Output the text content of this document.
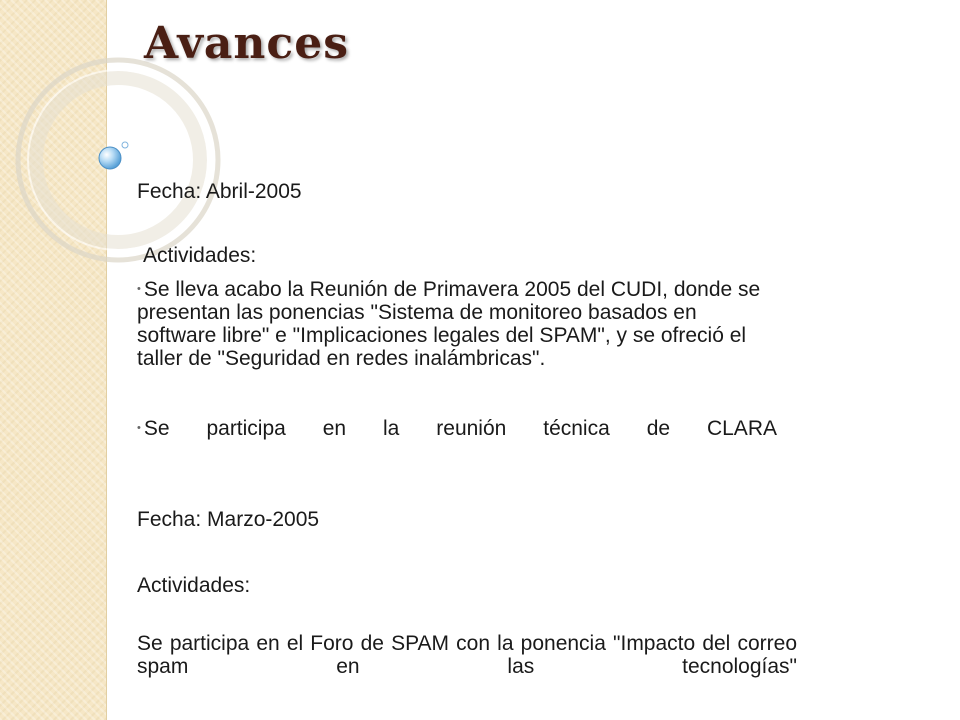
Avances
Fecha: Abril-2005
Actividades:
• Se lleva acabo la Reunión de Primavera 2005 del CUDI, donde se presentan las ponencias "Sistema de monitoreo basados en software libre" e "Implicaciones legales del SPAM", y se ofreció el taller de "Seguridad en redes inalámbricas".
• Se participa en la reunión técnica de CLARA
Fecha: Marzo-2005
Actividades:
Se participa en el Foro de SPAM con la ponencia "Impacto del correo spam en las tecnologías"
